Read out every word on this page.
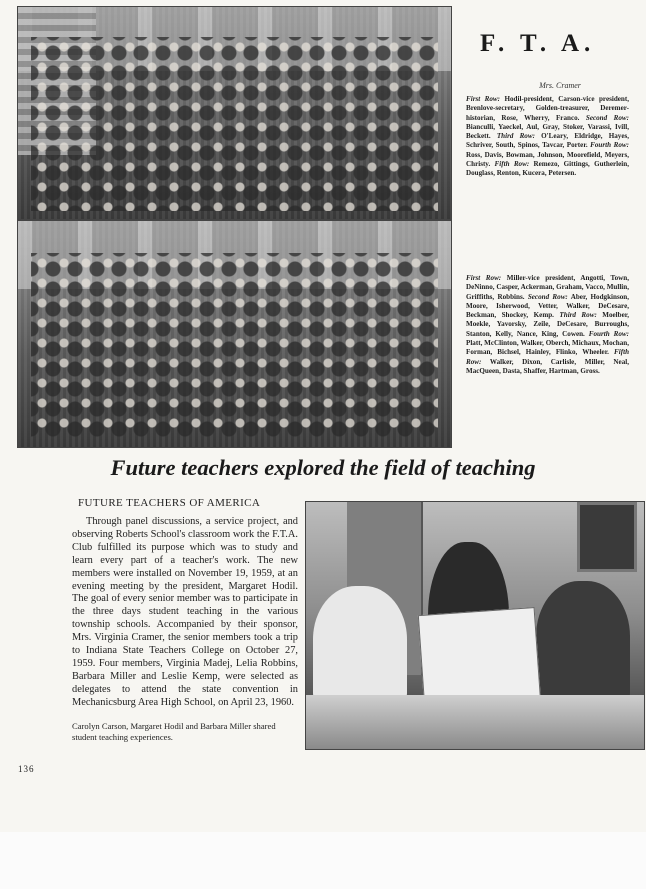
F. T. A.
Mrs. Cramer
First Row: Hodil-president, Carson-vice president, Brenlove-secretary, Golden-treasurer, Deremer-historian, Rose, Wherry, Franco. Second Row: Bianculli, Yaeckel, Aul, Gray, Stoker, Varassi, Ivill, Beckett. Third Row: O'Leary, Eldridge, Hayes, Schriver, South, Spinos, Tavcar, Porter. Fourth Row: Ross, Davis, Bowman, Johnson, Moorefield, Meyers, Christy. Fifth Row: Remezo, Gittings, Gutherlein, Douglass, Renton, Kucera, Petersen.
First Row: Miller-vice president, Angotti, Town, DeNinno, Casper, Ackerman, Graham, Vacco, Mullin, Griffiths, Robbins. Second Row: Aber, Hodgkinson, Moore, Isherwood, Vetter, Walker, DeCesare, Beckman, Shockey, Kemp. Third Row: Moelber, Moekle, Yavorsky, Zeile, DeCesare, Burroughs, Stanton, Kelly, Nance, King, Cowen. Fourth Row: Platt, McClinton, Walker, Oberch, Michaux, Mochan, Forman, Bichsel, Hainley, Flinko, Wheeler. Fifth Row: Walker, Dixon, Carlisle, Miller, Neal, MacQueen, Dasta, Shaffer, Hartman, Gross.
Future teachers explored the field of teaching
FUTURE TEACHERS OF AMERICA

Through panel discussions, a service project, and observing Roberts School's classroom work the F.T.A. Club fulfilled its purpose which was to study and learn every part of a teacher's work. The new members were installed on November 19, 1959, at an evening meeting by the president, Margaret Hodil. The goal of every senior member was to participate in the three days student teaching in the various township schools. Accompanied by their sponsor, Mrs. Virginia Cramer, the senior members took a trip to Indiana State Teachers College on October 27, 1959. Four members, Virginia Madej, Lelia Robbins, Barbara Miller and Leslie Kemp, were selected as delegates to attend the state convention in Mechanicsburg Area High School, on April 23, 1960.

Carolyn Carson, Margaret Hodil and Barbara Miller shared student teaching experiences.

136
